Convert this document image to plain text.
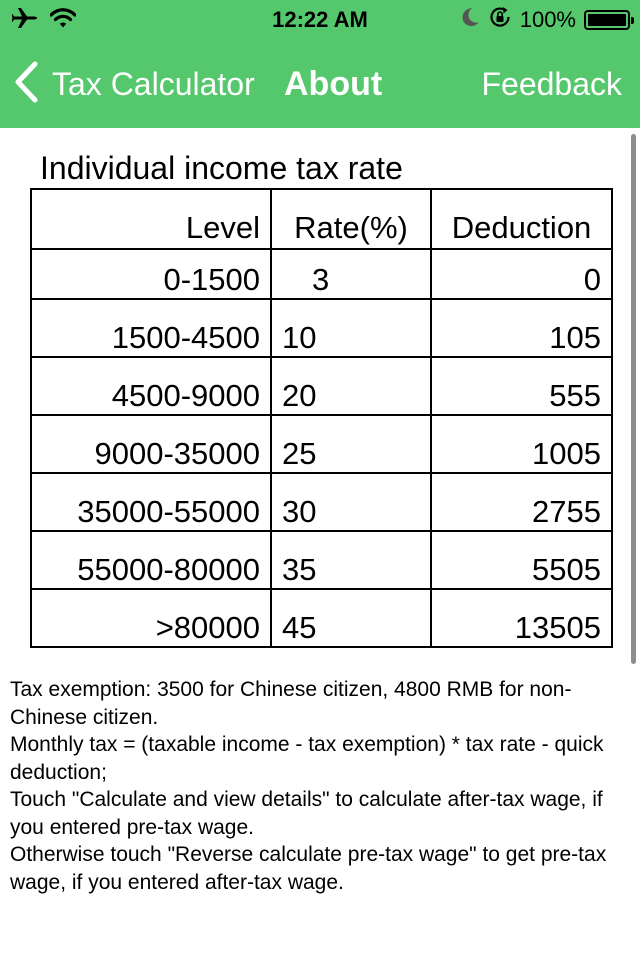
12:22 AM	100%
Tax Calculator About	Feedback
Individual income tax rate
Level	Rate(%)	Deduction
0-1500	3	0
1500-4500	10	105
4500-9000	20	555
9000-35000	25	1005
35000-55000	30	2755
55000-80000	35	5505
>80000	45	13505

Tax exemption: 3500 for Chinese citizen, 4800 RMB for non-Chinese citizen.

Monthly tax = (taxable income - tax exemption) * tax rate - quick deduction;

Touch "Calculate and view details" to calculate after-tax wage, if you entered pre-tax wage.

Otherwise touch "Reverse calculate pre-tax wage" to get pre-tax wage, if you entered after-tax wage.
